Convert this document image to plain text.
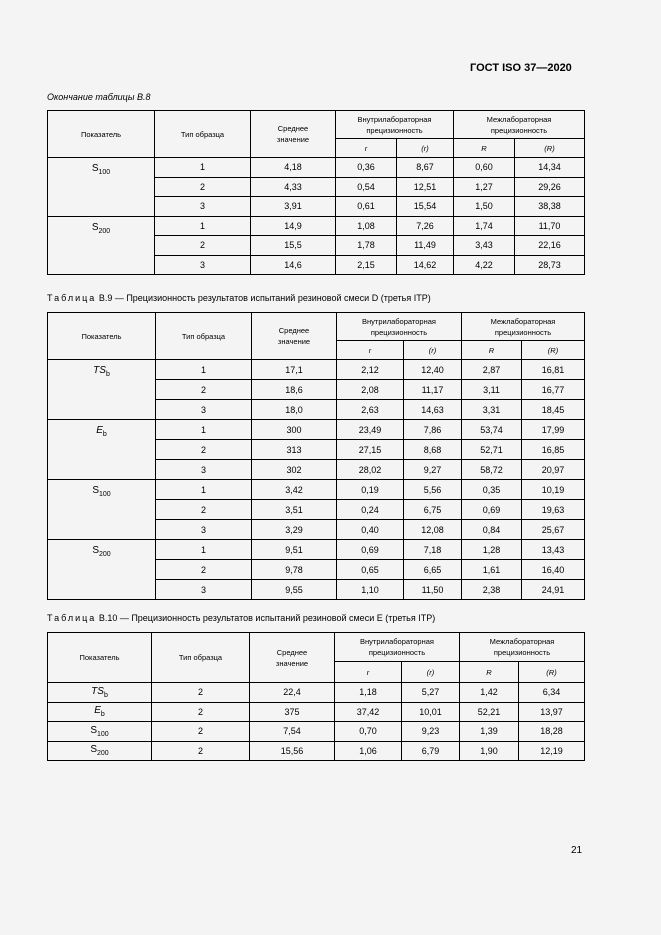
ГОСТ ISO 37—2020
Окончание таблицы В.8
Показатель	Тип образца	Среднее значение	Внутрилабораторная прецизионность		Межлабораторная прецизионность	
			r	(r)	R	(R)
$S_{100}$	1	4,18	0,36	8,67	0,60	14,34
	2	4,33	0,54	12,51	1,27	29,26
	3	3,91	0,61	15,54	1,50	38,38
$S_{200}$	1	14,9	1,08	7,26	1,74	11,70
	2	15,5	1,78	11,49	3,43	22,16
	3	14,6	2,15	14,62	4,22	28,73
Таблица В.9 — Прецизионность результатов испытаний резиновой смеси D (третья ITP)
Показатель	Тип образца	Среднее значение	Внутрилабораторная прецизионность		Межлабораторная прецизионность	
			r	(r)	R	(R)
$TS_b$	1	17,1	2,12	12,40	2,87	16,81
	2	18,6	2,08	11,17	3,11	16,77
	3	18,0	2,63	14,63	3,31	18,45
$E_b$	1	300	23,49	7,86	53,74	17,99
	2	313	27,15	8,68	52,71	16,85
	3	302	28,02	9,27	58,72	20,97
$S_{100}$	1	3,42	0,19	5,56	0,35	10,19
	2	3,51	0,24	6,75	0,69	19,63
	3	3,29	0,40	12,08	0,84	25,67
$S_{200}$	1	9,51	0,69	7,18	1,28	13,43
	2	9,78	0,65	6,65	1,61	16,40
	3	9,55	1,10	11,50	2,38	24,91
Таблица В.10 — Прецизионность результатов испытаний резиновой смеси E (третья ITP)
Показатель	Тип образца	Среднее значение	Внутрилабораторная прецизионность		Межлабораторная прецизионность	
			r	(r)	R	(R)
$TS_b$	2	22,4	1,18	5,27	1,42	6,34
$E_b$	2	375	37,42	10,01	52,21	13,97
$S_{100}$	2	7,54	0,70	9,23	1,39	18,28
$S_{200}$	2	15,56	1,06	6,79	1,90	12,19
21
